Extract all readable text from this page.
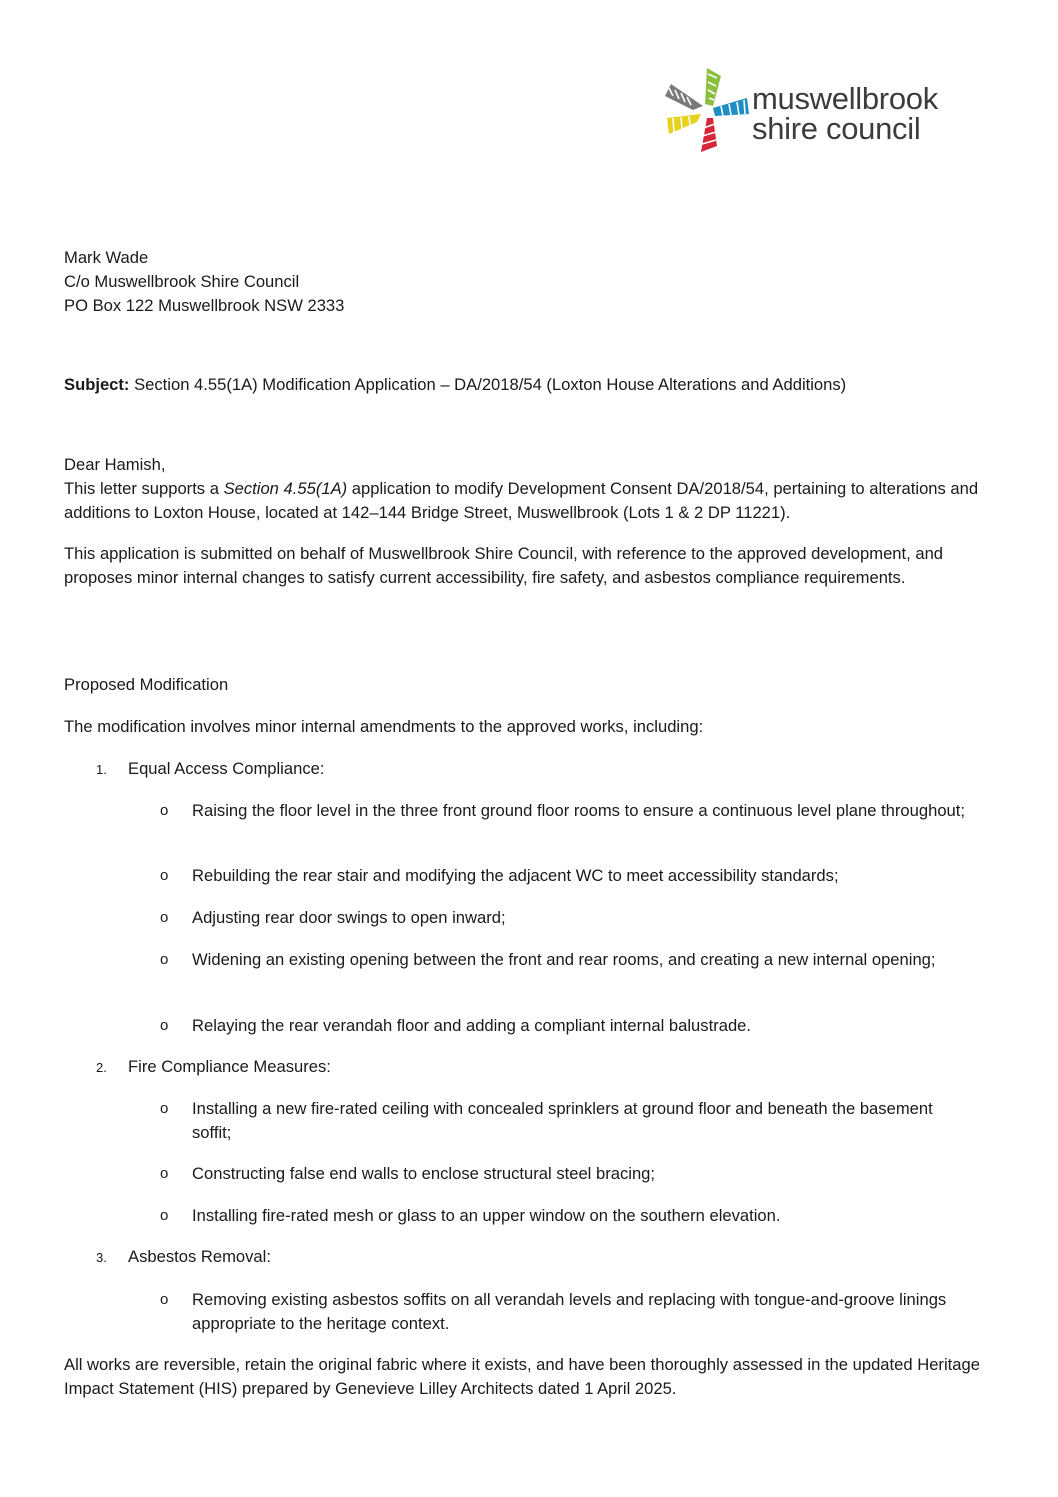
muswellbrook
shire council
Mark Wade
C/o Muswellbrook Shire Council
PO Box 122 Muswellbrook NSW 2333
Subject: Section 4.55(1A) Modification Application – DA/2018/54 (Loxton House Alterations and Additions)
Dear Hamish,
This letter supports a Section 4.55(1A) application to modify Development Consent DA/2018/54, pertaining to alterations and additions to Loxton House, located at 142–144 Bridge Street, Muswellbrook (Lots 1 & 2 DP 11221).
This application is submitted on behalf of Muswellbrook Shire Council, with reference to the approved development, and proposes minor internal changes to satisfy current accessibility, fire safety, and asbestos compliance requirements.
Proposed Modification
The modification involves minor internal amendments to the approved works, including:
1. Equal Access Compliance:
o Raising the floor level in the three front ground floor rooms to ensure a continuous level plane throughout;
o Rebuilding the rear stair and modifying the adjacent WC to meet accessibility standards;
o Adjusting rear door swings to open inward;
o Widening an existing opening between the front and rear rooms, and creating a new internal opening;
o Relaying the rear verandah floor and adding a compliant internal balustrade.
2. Fire Compliance Measures:
o Installing a new fire-rated ceiling with concealed sprinklers at ground floor and beneath the basement soffit;
o Constructing false end walls to enclose structural steel bracing;
o Installing fire-rated mesh or glass to an upper window on the southern elevation.
3. Asbestos Removal:
o Removing existing asbestos soffits on all verandah levels and replacing with tongue-and-groove linings appropriate to the heritage context.
All works are reversible, retain the original fabric where it exists, and have been thoroughly assessed in the updated Heritage Impact Statement (HIS) prepared by Genevieve Lilley Architects dated 1 April 2025.
